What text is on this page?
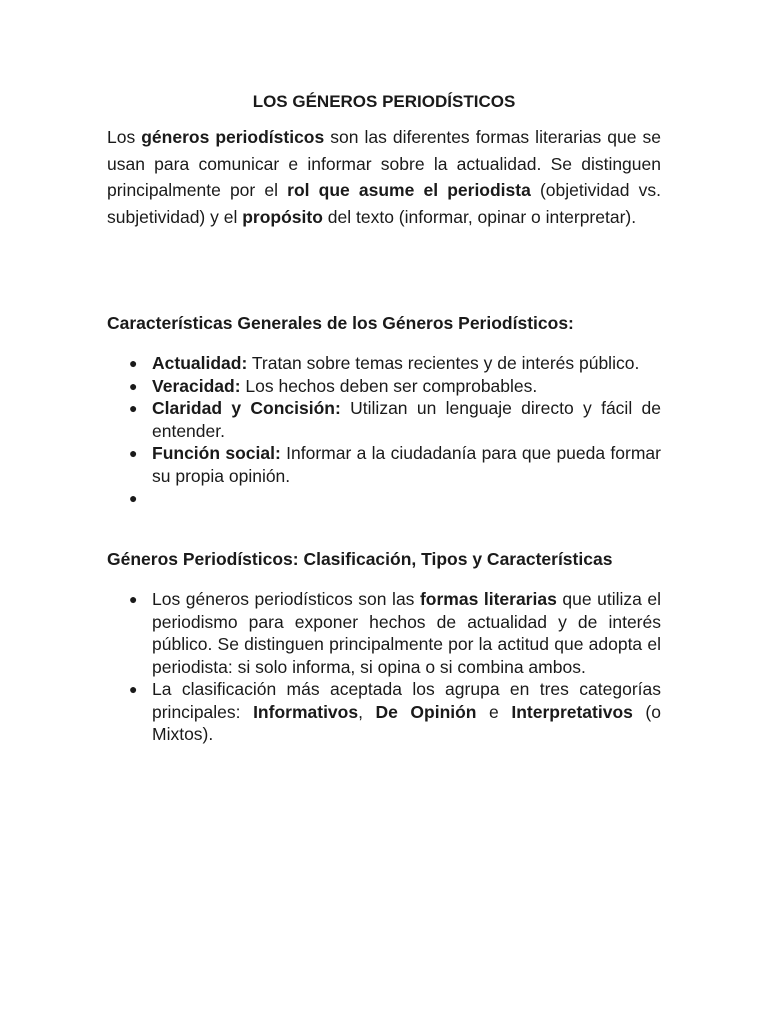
LOS GÉNEROS PERIODÍSTICOS

Los géneros periodísticos son las diferentes formas literarias que se usan para comunicar e informar sobre la actualidad. Se distinguen principalmente por el rol que asume el periodista (objetividad vs. subjetividad) y el propósito del texto (informar, opinar o interpretar).

Características Generales de los Géneros Periodísticos:
● Actualidad: Tratan sobre temas recientes y de interés público.
● Veracidad: Los hechos deben ser comprobables.
● Claridad y Concisión: Utilizan un lenguaje directo y fácil de entender.
● Función social: Informar a la ciudadanía para que pueda formar su propia opinión.
●
Géneros Periodísticos: Clasificación, Tipos y Características
● Los géneros periodísticos son las formas literarias que utiliza el periodismo para exponer hechos de actualidad y de interés público. Se distinguen principalmente por la actitud que adopta el periodista: si solo informa, si opina o si combina ambos.
● La clasificación más aceptada los agrupa en tres categorías principales: Informativos, De Opinión e Interpretativos (o Mixtos).
